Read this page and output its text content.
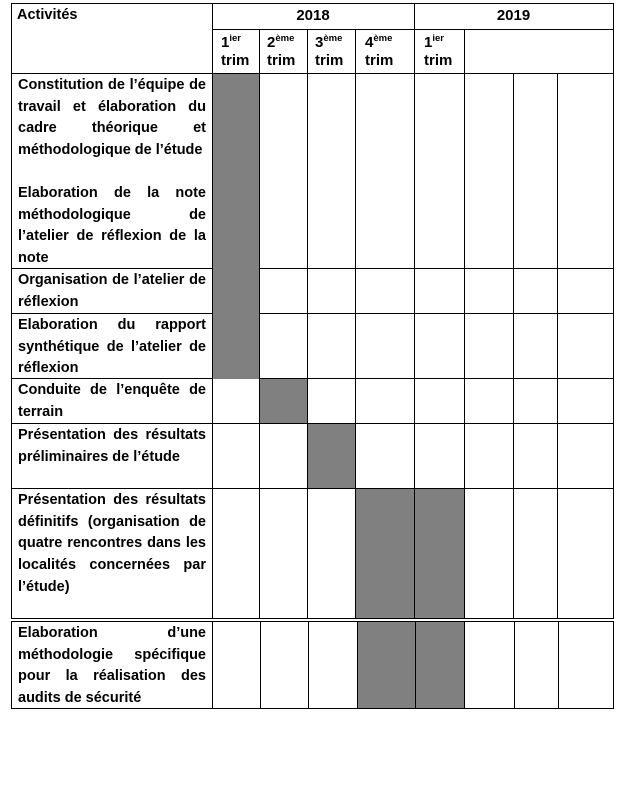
Activités	2018	2019
$1^{ier}$
trim
2ème
trim
3ème
trim
4ème
trim
$1^{ier}$
trim
Constitution de l’équipe de travail et élaboration du cadre théorique et méthodologique de l’étude
Elaboration de la note méthodologique de l’atelier de réflexion de la note
Organisation de l’atelier de réflexion
Elaboration du rapport synthétique de l’atelier de réflexion
Conduite de l’enquête de terrain
Présentation des résultats préliminaires de l’étude
Présentation des résultats définitifs (organisation de quatre rencontres dans les localités concernées par l’étude)
Elaboration d’une méthodologie spécifique pour la réalisation des audits de sécurité
